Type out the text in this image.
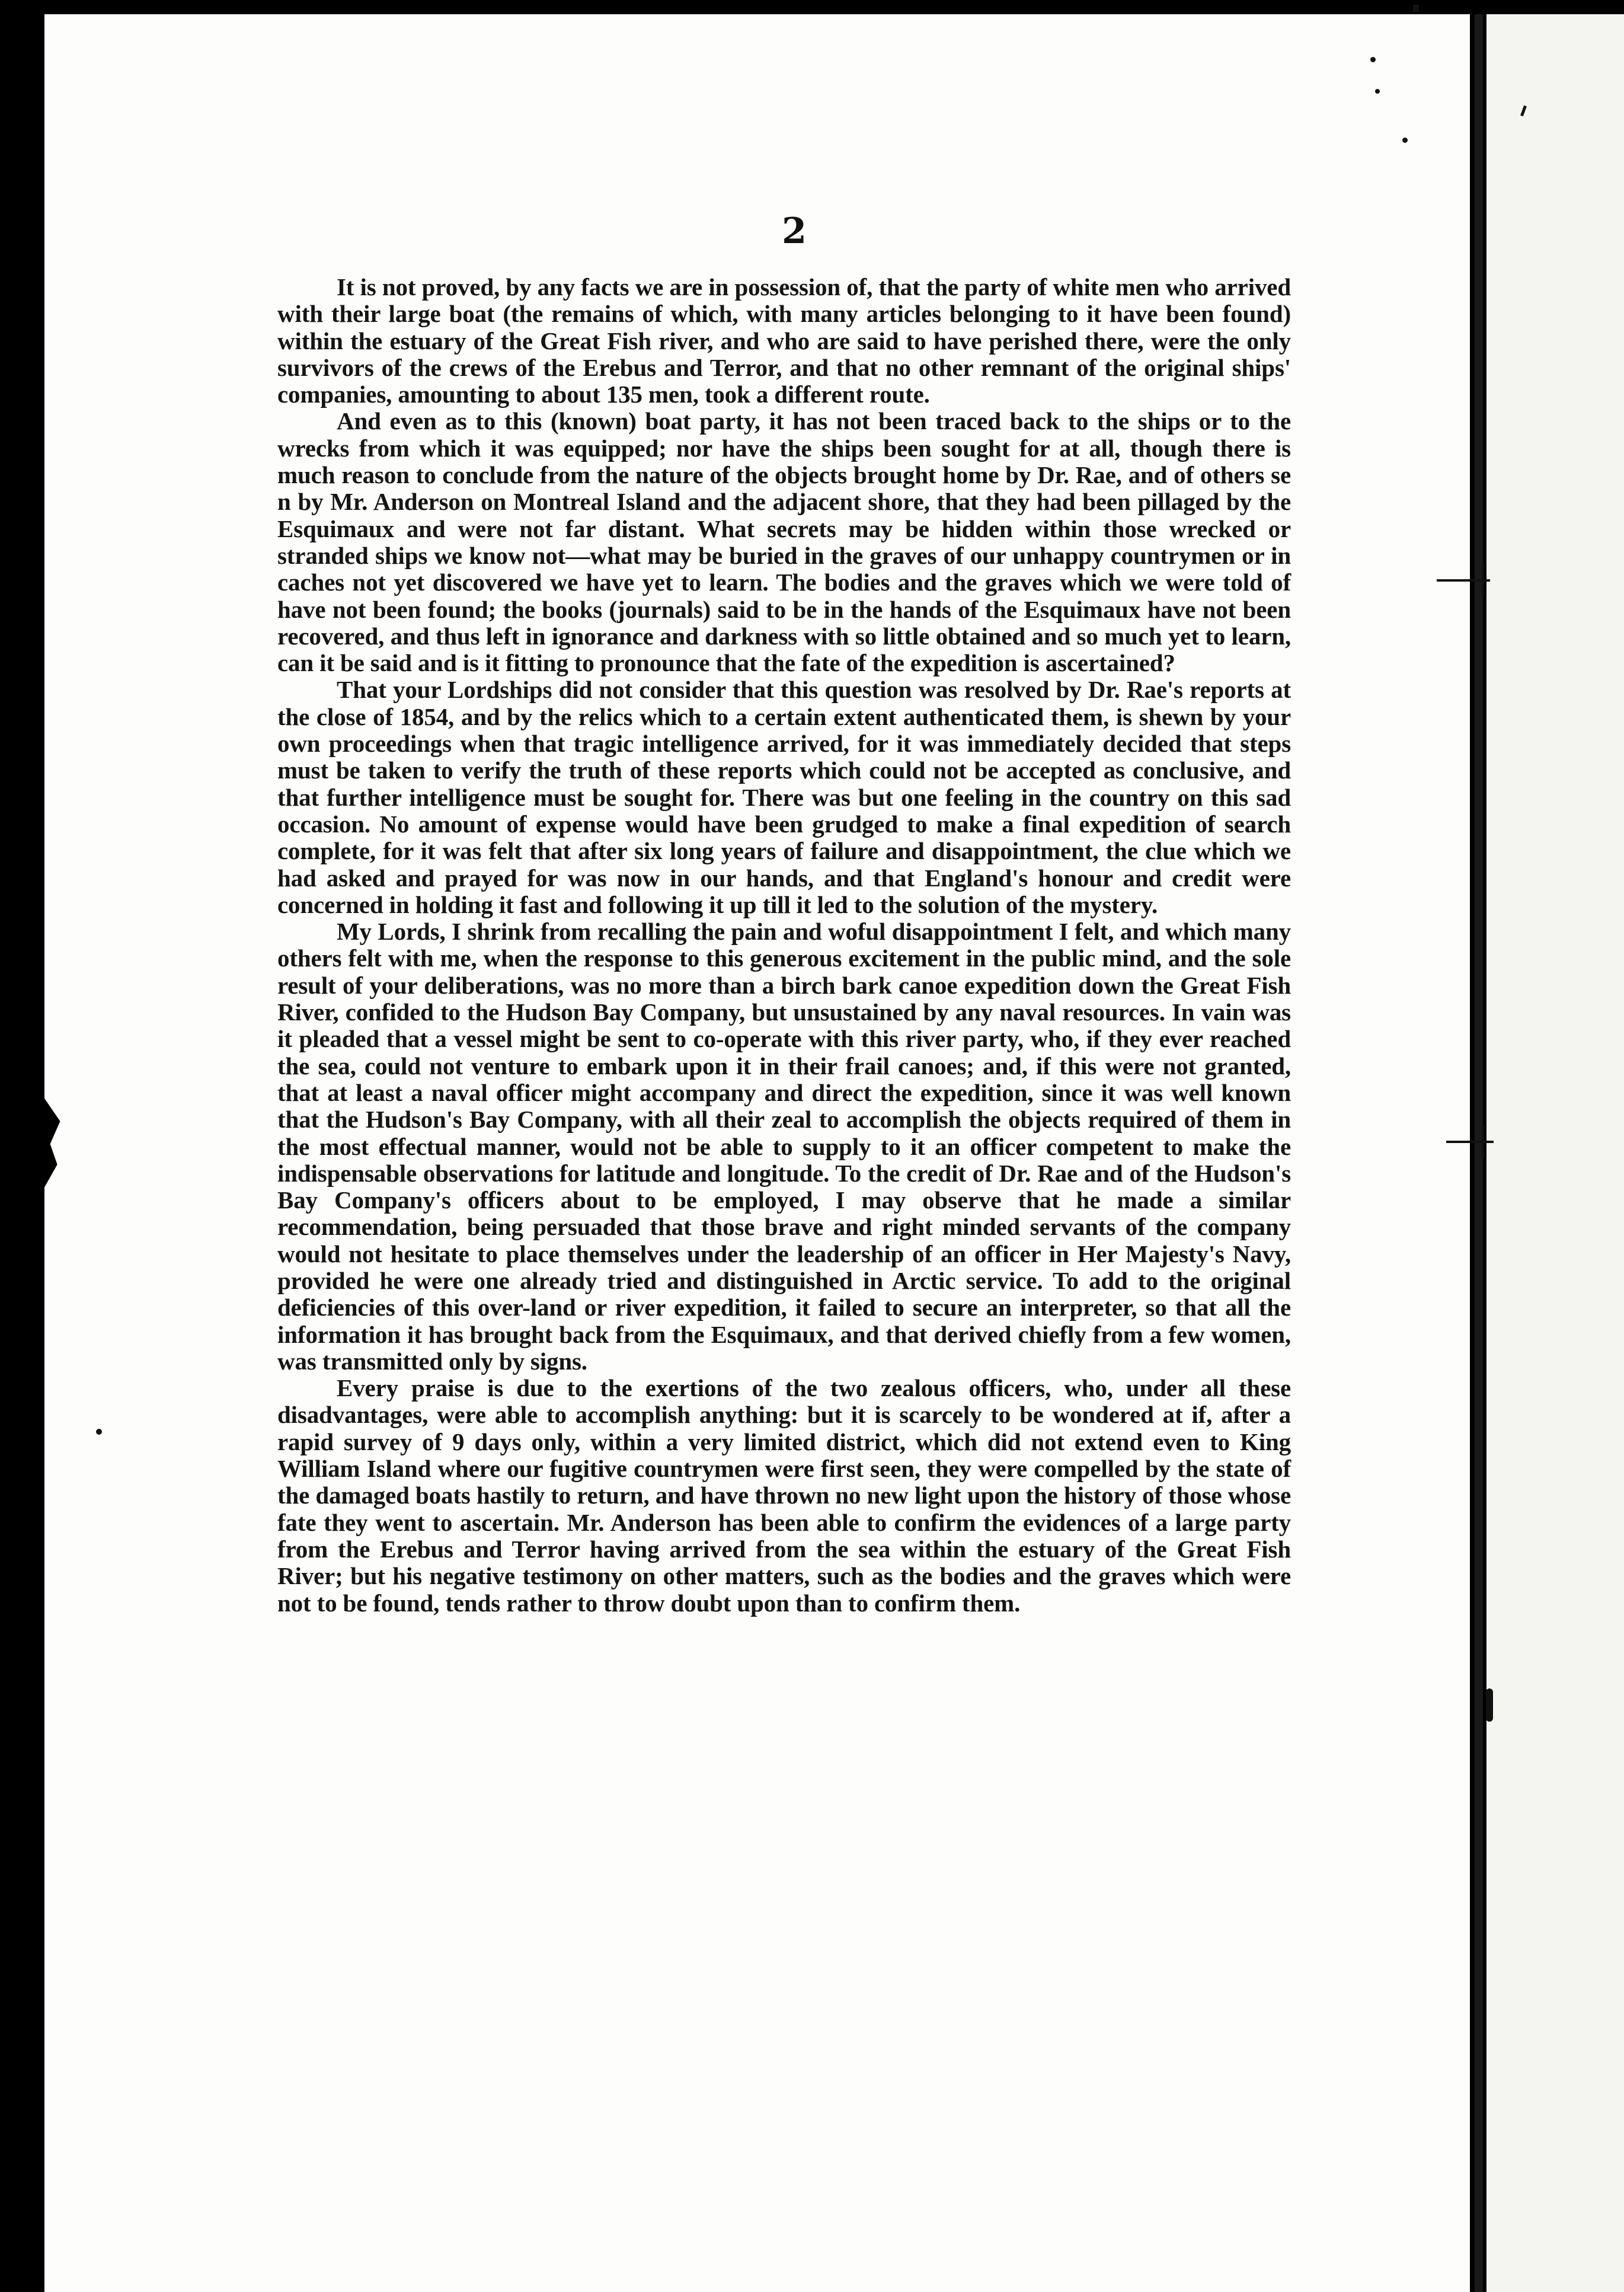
2

It is not proved, by any facts we are in possession of, that the party of white men who arrived with their large boat (the remains of which, with many articles belonging to it have been found) within the estuary of the Great Fish river, and who are said to have perished there, were the only survivors of the crews of the Erebus and Terror, and that no other remnant of the original ships' companies, amounting to about 135 men, took a different route.

And even as to this (known) boat party, it has not been traced back to the ships or to the wrecks from which it was equipped; nor have the ships been sought for at all, though there is much reason to conclude from the nature of the objects brought home by Dr. Rae, and of others se n by Mr. Anderson on Montreal Island and the adjacent shore, that they had been pillaged by the Esquimaux and were not far distant. What secrets may be hidden within those wrecked or stranded ships we know not—what may be buried in the graves of our unhappy countrymen or in caches not yet discovered we have yet to learn. The bodies and the graves which we were told of have not been found; the books (journals) said to be in the hands of the Esquimaux have not been recovered, and thus left in ignorance and darkness with so little obtained and so much yet to learn, can it be said and is it fitting to pronounce that the fate of the expedition is ascertained?

That your Lordships did not consider that this question was resolved by Dr. Rae's reports at the close of 1854, and by the relics which to a certain extent authenticated them, is shewn by your own proceedings when that tragic intelligence arrived, for it was immediately decided that steps must be taken to verify the truth of these reports which could not be accepted as conclusive, and that further intelligence must be sought for. There was but one feeling in the country on this sad occasion. No amount of expense would have been grudged to make a final expedition of search complete, for it was felt that after six long years of failure and disappointment, the clue which we had asked and prayed for was now in our hands, and that England's honour and credit were concerned in holding it fast and following it up till it led to the solution of the mystery.

My Lords, I shrink from recalling the pain and woful disappointment I felt, and which many others felt with me, when the response to this generous excitement in the public mind, and the sole result of your deliberations, was no more than a birch bark canoe expedition down the Great Fish River, confided to the Hudson Bay Company, but unsustained by any naval resources. In vain was it pleaded that a vessel might be sent to co-operate with this river party, who, if they ever reached the sea, could not venture to embark upon it in their frail canoes; and, if this were not granted, that at least a naval officer might accompany and direct the expedition, since it was well known that the Hudson's Bay Company, with all their zeal to accomplish the objects required of them in the most effectual manner, would not be able to supply to it an officer competent to make the indispensable observations for latitude and longitude. To the credit of Dr. Rae and of the Hudson's Bay Company's officers about to be employed, I may observe that he made a similar recommendation, being persuaded that those brave and right minded servants of the company would not hesitate to place themselves under the leadership of an officer in Her Majesty's Navy, provided he were one already tried and distinguished in Arctic service. To add to the original deficiencies of this over-land or river expedition, it failed to secure an interpreter, so that all the information it has brought back from the Esquimaux, and that derived chiefly from a few women, was transmitted only by signs.

Every praise is due to the exertions of the two zealous officers, who, under all these disadvantages, were able to accomplish anything: but it is scarcely to be wondered at if, after a rapid survey of 9 days only, within a very limited district, which did not extend even to King William Island where our fugitive countrymen were first seen, they were compelled by the state of the damaged boats hastily to return, and have thrown no new light upon the history of those whose fate they went to ascertain. Mr. Anderson has been able to confirm the evidences of a large party from the Erebus and Terror having arrived from the sea within the estuary of the Great Fish River; but his negative testimony on other matters, such as the bodies and the graves which were not to be found, tends rather to throw doubt upon than to confirm them.
